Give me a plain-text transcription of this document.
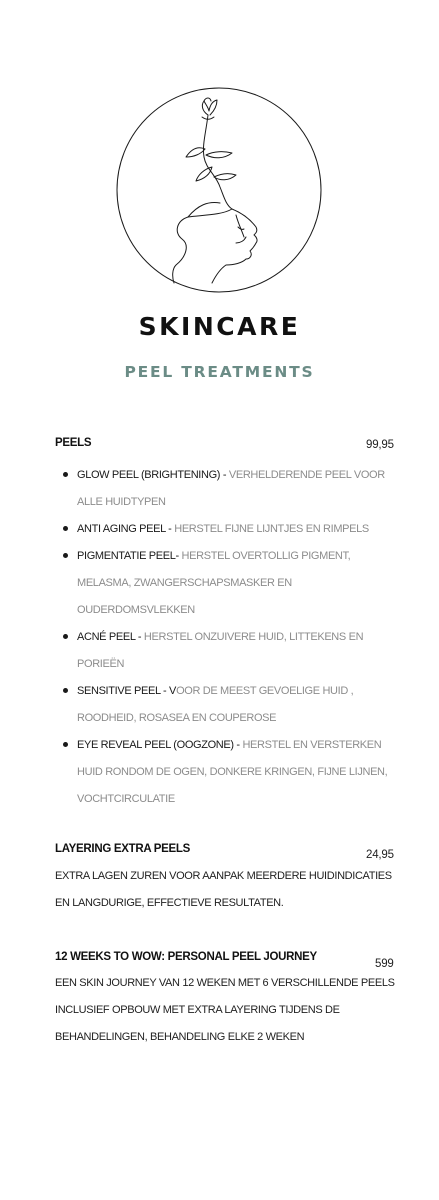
SKINCARE
PEEL TREATMENTS
PEELS	99,95
GLOW PEEL (BRIGHTENING) - VERHELDERENDE PEEL VOOR ALLE HUIDTYPEN
ANTI AGING PEEL - HERSTEL FIJNE LIJNTJES EN RIMPELS
PIGMENTATIE PEEL- HERSTEL OVERTOLLIG PIGMENT, MELASMA, ZWANGERSCHAPSMASKER EN OUDERDOMSVLEKKEN
ACNÉ PEEL - HERSTEL ONZUIVERE HUID, LITTEKENS EN PORIEËN
SENSITIVE PEEL - VOOR DE MEEST GEVOELIGE HUID , ROODHEID, ROSASEA EN COUPEROSE
EYE REVEAL PEEL (OOGZONE) - HERSTEL EN VERSTERKEN HUID RONDOM DE OGEN, DONKERE KRINGEN, FIJNE LIJNEN, VOCHTCIRCULATIE
LAYERING EXTRA PEELS	24,95
EXTRA LAGEN ZUREN VOOR AANPAK MEERDERE HUIDINDICATIES EN LANGDURIGE, EFFECTIEVE RESULTATEN.
12 WEEKS TO WOW: PERSONAL PEEL JOURNEY
599
EEN SKIN JOURNEY VAN 12 WEKEN MET 6 VERSCHILLENDE PEELS INCLUSIEF OPBOUW MET EXTRA LAYERING TIJDENS DE BEHANDELINGEN, BEHANDELING ELKE 2 WEKEN
